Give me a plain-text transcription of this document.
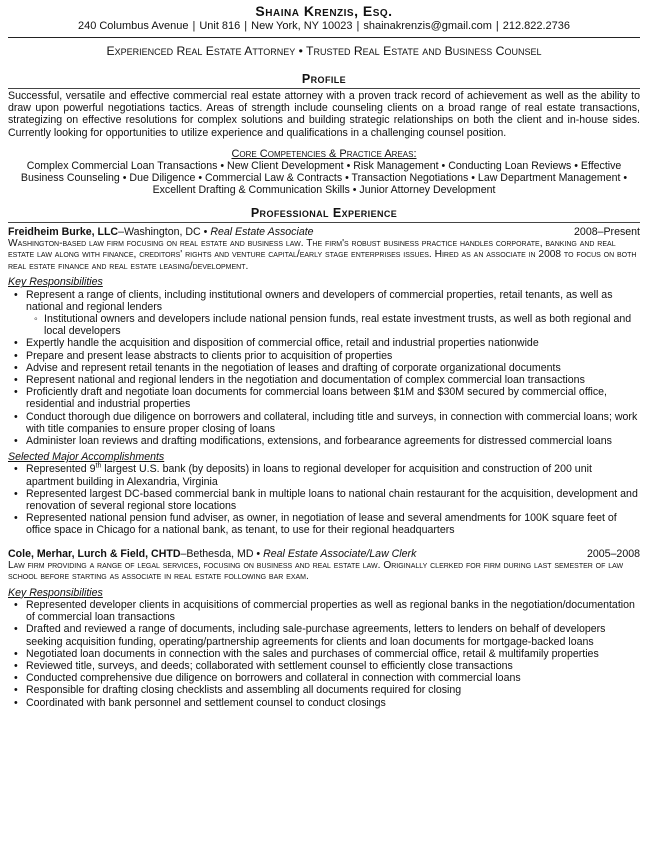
Shaina Krenzis, Esq.
240 Columbus Avenue | Unit 816 | New York, NY 10023 | shainakrenzis@gmail.com | 212.822.2736
Experienced Real Estate Attorney • Trusted Real Estate and Business Counsel
Profile
Successful, versatile and effective commercial real estate attorney with a proven track record of achievement as well as the ability to draw upon powerful negotiations tactics. Areas of strength include counseling clients on a broad range of real estate transactions, strategizing on effective resolutions for complex solutions and building strategic relationships on both the client and in-house sides. Currently looking for opportunities to utilize experience and qualifications in a challenging counsel position.
Core Competencies & Practice Areas:
Complex Commercial Loan Transactions • New Client Development • Risk Management • Conducting Loan Reviews • Effective Business Counseling • Due Diligence • Commercial Law & Contracts • Transaction Negotiations • Law Department Management • Excellent Drafting & Communication Skills • Junior Attorney Development
Professional Experience
Freidheim Burke, LLC–Washington, DC • Real Estate Associate	2008–Present
Washington-based law firm focusing on real estate and business law. The firm's robust business practice handles corporate, banking and real estate law along with finance, creditors' rights and venture capital/early stage enterprises issues. Hired as an associate in 2008 to focus on both real estate finance and real estate leasing/development.
Key Responsibilities
• Represent a range of clients, including institutional owners and developers of commercial properties, retail tenants, as well as national and regional lenders
◦ Institutional owners and developers include national pension funds, real estate investment trusts, as well as both regional and local developers
• Expertly handle the acquisition and disposition of commercial office, retail and industrial properties nationwide
• Prepare and present lease abstracts to clients prior to acquisition of properties
• Advise and represent retail tenants in the negotiation of leases and drafting of corporate organizational documents
• Represent national and regional lenders in the negotiation and documentation of complex commercial loan transactions
• Proficiently draft and negotiate loan documents for commercial loans between $1M and $30M secured by commercial office, residential and industrial properties
• Conduct thorough due diligence on borrowers and collateral, including title and surveys, in connection with commercial loans; work with title companies to ensure proper closing of loans
• Administer loan reviews and drafting modifications, extensions, and forbearance agreements for distressed commercial loans
Selected Major Accomplishments
• Represented 9th largest U.S. bank (by deposits) in loans to regional developer for acquisition and construction of 200 unit apartment building in Alexandria, Virginia
• Represented largest DC-based commercial bank in multiple loans to national chain restaurant for the acquisition, development and renovation of several regional store locations
• Represented national pension fund adviser, as owner, in negotiation of lease and several amendments for 100K square feet of office space in Chicago for a national bank, as tenant, to use for their regional headquarters
Cole, Merhar, Lurch & Field, CHTD–Bethesda, MD • Real Estate Associate/Law Clerk	2005–2008
Law firm providing a range of legal services, focusing on business and real estate law. Originally clerked for firm during last semester of law school before starting as associate in real estate following bar exam.
Key Responsibilities
• Represented developer clients in acquisitions of commercial properties as well as regional banks in the negotiation/documentation of commercial loan transactions
• Drafted and reviewed a range of documents, including sale-purchase agreements, letters to lenders on behalf of developers seeking acquisition funding, operating/partnership agreements for clients and loan documents for mortgage-backed loans
• Negotiated loan documents in connection with the sales and purchases of commercial office, retail & multifamily properties
• Reviewed title, surveys, and deeds; collaborated with settlement counsel to efficiently close transactions
• Conducted comprehensive due diligence on borrowers and collateral in connection with commercial loans
• Responsible for drafting closing checklists and assembling all documents required for closing
• Coordinated with bank personnel and settlement counsel to conduct closings
